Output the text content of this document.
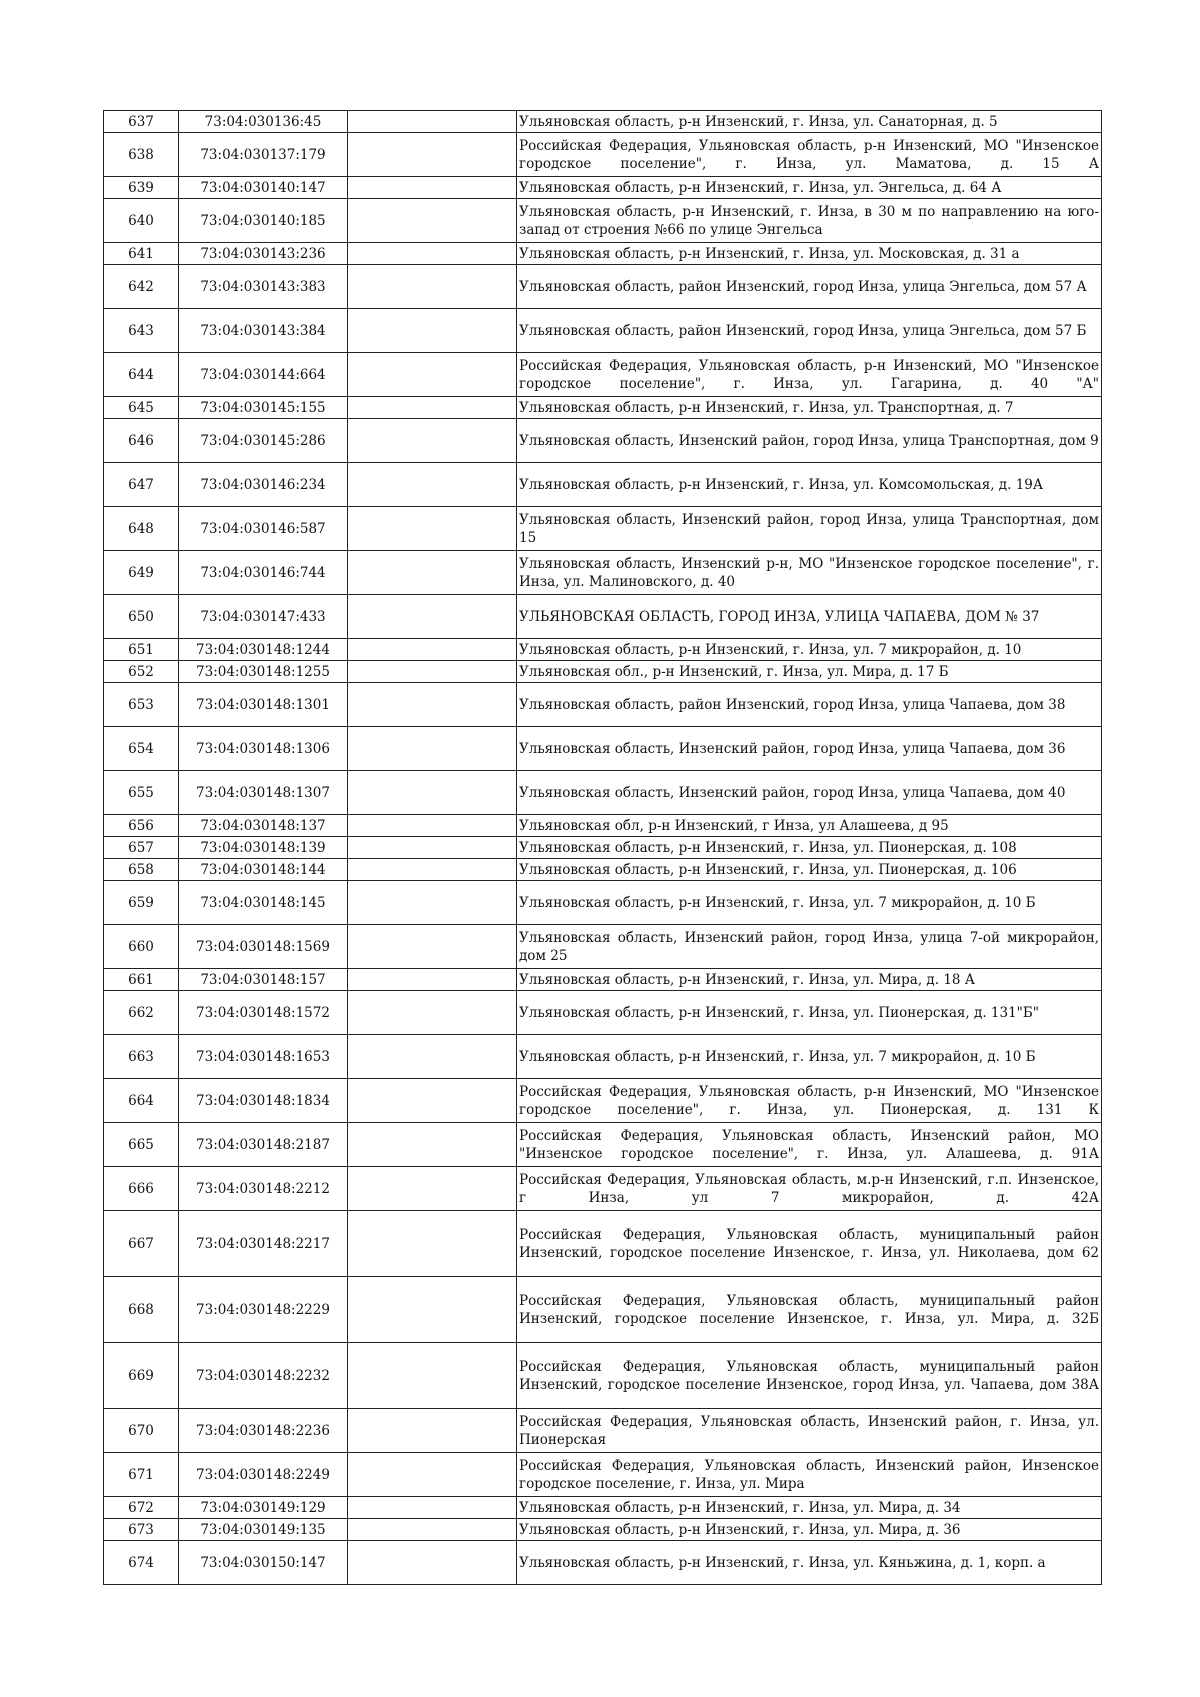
637	73:04:030136:45		Ульяновская область, р-н Инзенский, г. Инза, ул. Санаторная, д. 5
638	73:04:030137:179		Российская Федерация, Ульяновская область, р-н Инзенский, МО "Инзенское городское поселение", г. Инза, ул. Маматова, д. 15 А
639	73:04:030140:147		Ульяновская область, р-н Инзенский, г. Инза, ул. Энгельса, д. 64 А
640	73:04:030140:185		Ульяновская область, р-н Инзенский, г. Инза, в 30 м по направлению на юго-запад от строения №66 по улице Энгельса
641	73:04:030143:236		Ульяновская область, р-н Инзенский, г. Инза, ул. Московская, д. 31 а
642	73:04:030143:383		Ульяновская область, район Инзенский, город Инза, улица Энгельса, дом 57 А
643	73:04:030143:384		Ульяновская область, район Инзенский, город Инза, улица Энгельса, дом 57 Б
644	73:04:030144:664		Российская Федерация, Ульяновская область, р-н Инзенский, МО "Инзенское городское поселение", г. Инза, ул. Гагарина, д. 40 "А"
645	73:04:030145:155		Ульяновская область, р-н Инзенский, г. Инза, ул. Транспортная, д. 7
646	73:04:030145:286		Ульяновская область, Инзенский район, город Инза, улица Транспортная, дом 9
647	73:04:030146:234		Ульяновская область, р-н Инзенский, г. Инза, ул. Комсомольская, д. 19А
648	73:04:030146:587		Ульяновская область, Инзенский район, город Инза, улица Транспортная, дом 15
649	73:04:030146:744		Ульяновская область, Инзенский р-н, МО "Инзенское городское поселение", г. Инза, ул. Малиновского, д. 40
650	73:04:030147:433		УЛЬЯНОВСКАЯ ОБЛАСТЬ, ГОРОД ИНЗА, УЛИЦА ЧАПАЕВА, ДОМ № 37
651	73:04:030148:1244		Ульяновская область, р-н Инзенский, г. Инза, ул. 7 микрорайон, д. 10
652	73:04:030148:1255		Ульяновская обл., р-н Инзенский, г. Инза, ул. Мира, д. 17 Б
653	73:04:030148:1301		Ульяновская область, район Инзенский, город Инза, улица Чапаева, дом 38
654	73:04:030148:1306		Ульяновская область, Инзенский район, город Инза, улица Чапаева, дом 36
655	73:04:030148:1307		Ульяновская область, Инзенский район, город Инза, улица Чапаева, дом 40
656	73:04:030148:137		Ульяновская обл, р-н Инзенский, г Инза, ул Алашеева, д 95
657	73:04:030148:139		Ульяновская область, р-н Инзенский, г. Инза, ул. Пионерская, д. 108
658	73:04:030148:144		Ульяновская область, р-н Инзенский, г. Инза, ул. Пионерская, д. 106
659	73:04:030148:145		Ульяновская область, р-н Инзенский, г. Инза, ул. 7 микрорайон, д. 10 Б
660	73:04:030148:1569		Ульяновская область, Инзенский район, город Инза, улица 7-ой микрорайон, дом 25
661	73:04:030148:157		Ульяновская область, р-н Инзенский, г. Инза, ул. Мира, д. 18 А
662	73:04:030148:1572		Ульяновская область, р-н Инзенский, г. Инза, ул. Пионерская, д. 131"Б"
663	73:04:030148:1653		Ульяновская область, р-н Инзенский, г. Инза, ул. 7 микрорайон, д. 10 Б
664	73:04:030148:1834		Российская Федерация, Ульяновская область, р-н Инзенский, МО "Инзенское городское поселение", г. Инза, ул. Пионерская, д. 131 К
665	73:04:030148:2187		Российская Федерация, Ульяновская область, Инзенский район, МО "Инзенское городское поселение", г. Инза, ул. Алашеева, д. 91А
666	73:04:030148:2212		Российская Федерация, Ульяновская область, м.р-н Инзенский, г.п. Инзенское, г Инза, ул 7 микрорайон, д. 42А
667	73:04:030148:2217		Российская Федерация, Ульяновская область, муниципальный район Инзенский, городское поселение Инзенское, г. Инза, ул. Николаева, дом 62
668	73:04:030148:2229		Российская Федерация, Ульяновская область, муниципальный район Инзенский, городское поселение Инзенское, г. Инза, ул. Мира, д. 32Б
669	73:04:030148:2232		Российская Федерация, Ульяновская область, муниципальный район Инзенский, городское поселение Инзенское, город Инза, ул. Чапаева, дом 38А
670	73:04:030148:2236		Российская Федерация, Ульяновская область, Инзенский район, г. Инза, ул. Пионерская
671	73:04:030148:2249		Российская Федерация, Ульяновская область, Инзенский район, Инзенское городское поселение, г. Инза, ул. Мира
672	73:04:030149:129		Ульяновская область, р-н Инзенский, г. Инза, ул. Мира, д. 34
673	73:04:030149:135		Ульяновская область, р-н Инзенский, г. Инза, ул. Мира, д. 36
674	73:04:030150:147		Ульяновская область, р-н Инзенский, г. Инза, ул. Кяньжина, д. 1, корп. а
